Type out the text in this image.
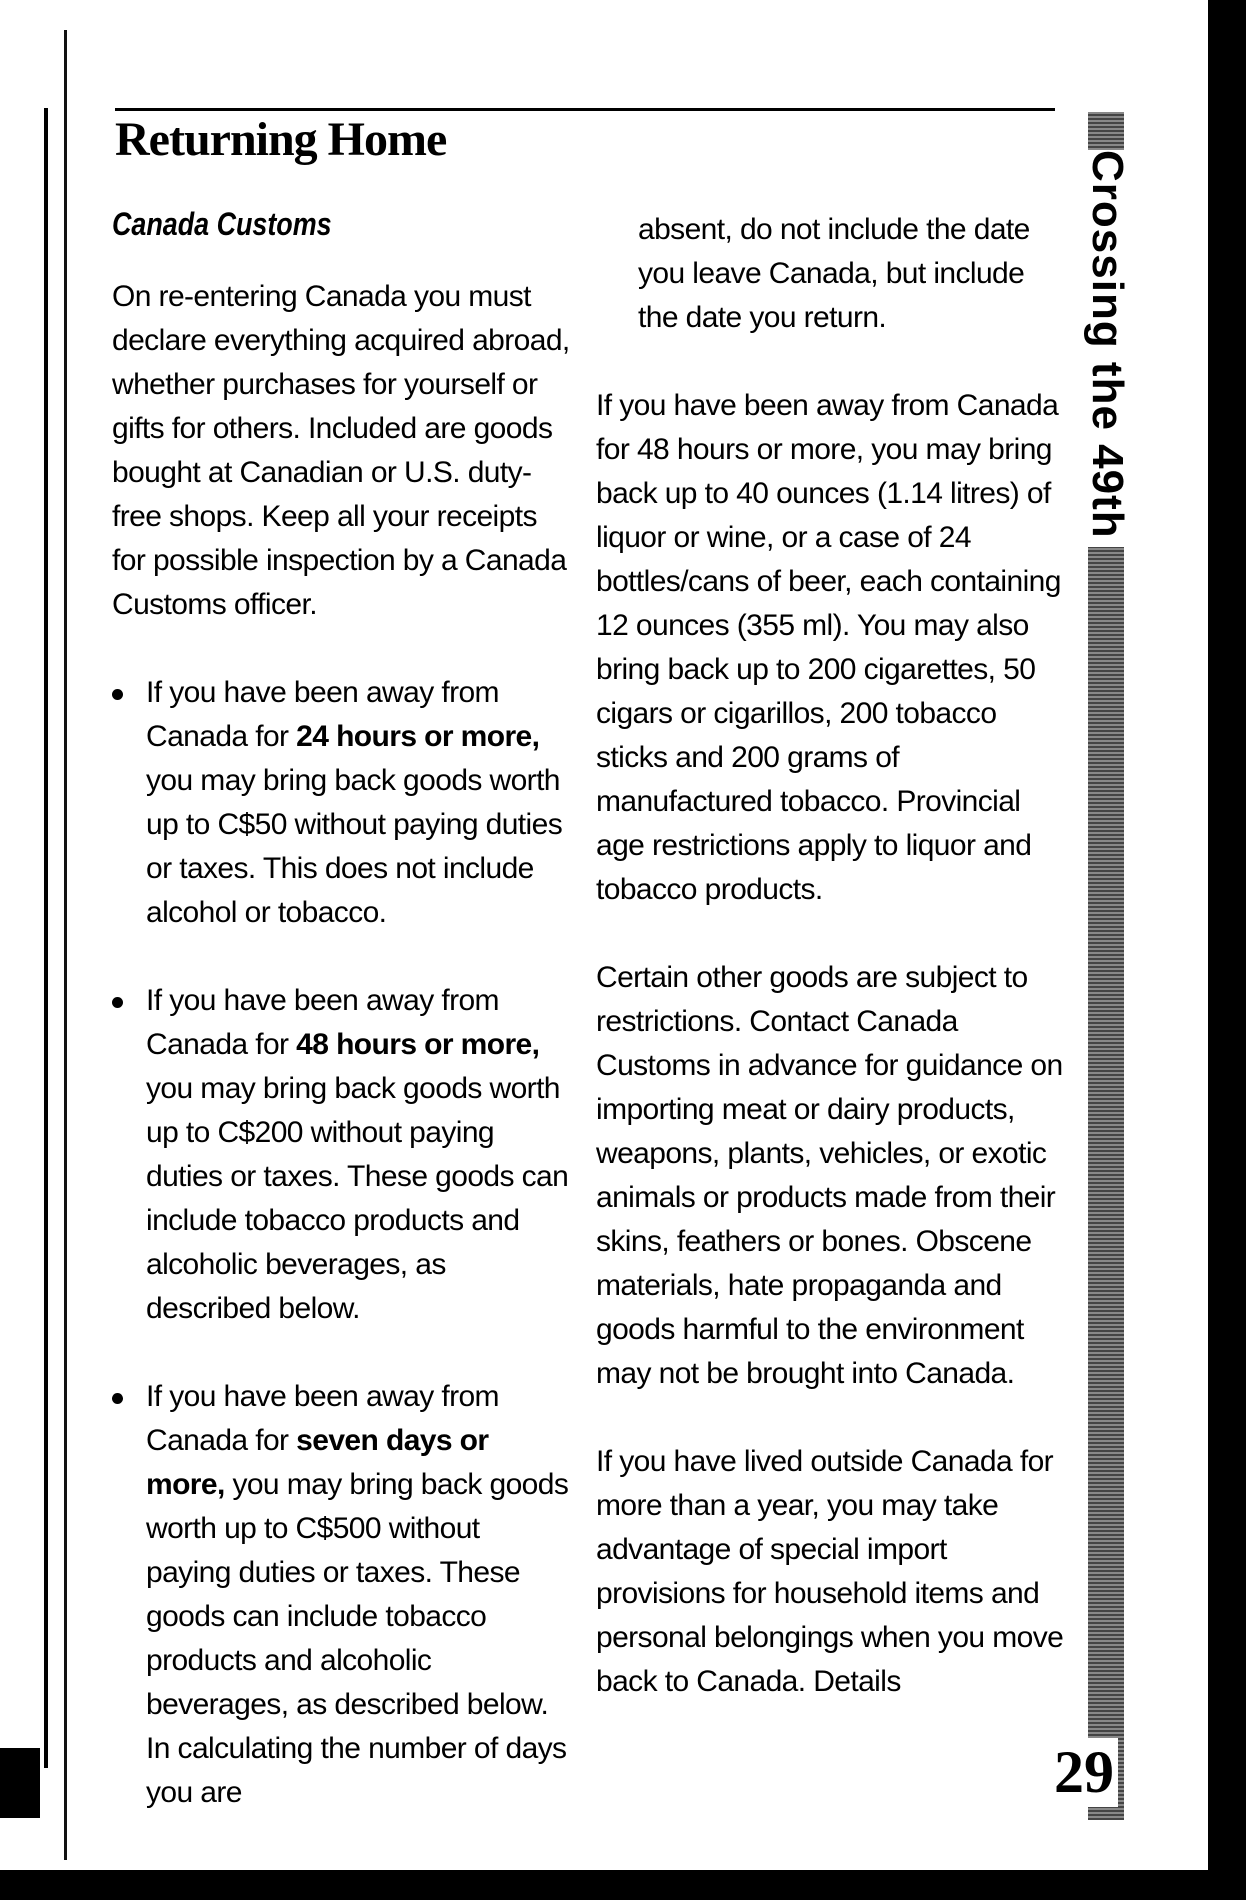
Returning Home
Canada Customs

On re-entering Canada you must declare everything acquired abroad, whether purchases for yourself or gifts for others. Included are goods bought at Canadian or U.S. duty-free shops. Keep all your receipts for possible inspection by a Canada Customs officer.

If you have been away from Canada for 24 hours or more, you may bring back goods worth up to C$50 without paying duties or taxes. This does not include alcohol or tobacco.

If you have been away from Canada for 48 hours or more, you may bring back goods worth up to C$200 without paying duties or taxes. These goods can include tobacco products and alcoholic beverages, as described below.

If you have been away from Canada for seven days or more, you may bring back goods worth up to C$500 without paying duties or taxes. These goods can include tobacco products and alcoholic beverages, as described below. In calculating the number of days you are

absent, do not include the date you leave Canada, but include the date you return.

If you have been away from Canada for 48 hours or more, you may bring back up to 40 ounces (1.14 litres) of liquor or wine, or a case of 24 bottles/cans of beer, each containing 12 ounces (355 ml). You may also bring back up to 200 cigarettes, 50 cigars or cigarillos, 200 tobacco sticks and 200 grams of manufactured tobacco. Provincial age restrictions apply to liquor and tobacco products.

Certain other goods are subject to restrictions. Contact Canada Customs in advance for guidance on importing meat or dairy products, weapons, plants, vehicles, or exotic animals or products made from their skins, feathers or bones. Obscene materials, hate propaganda and goods harmful to the environment may not be brought into Canada.

If you have lived outside Canada for more than a year, you may take advantage of special import provisions for household items and personal belongings when you move back to Canada. Details

Crossing the 49th
29
